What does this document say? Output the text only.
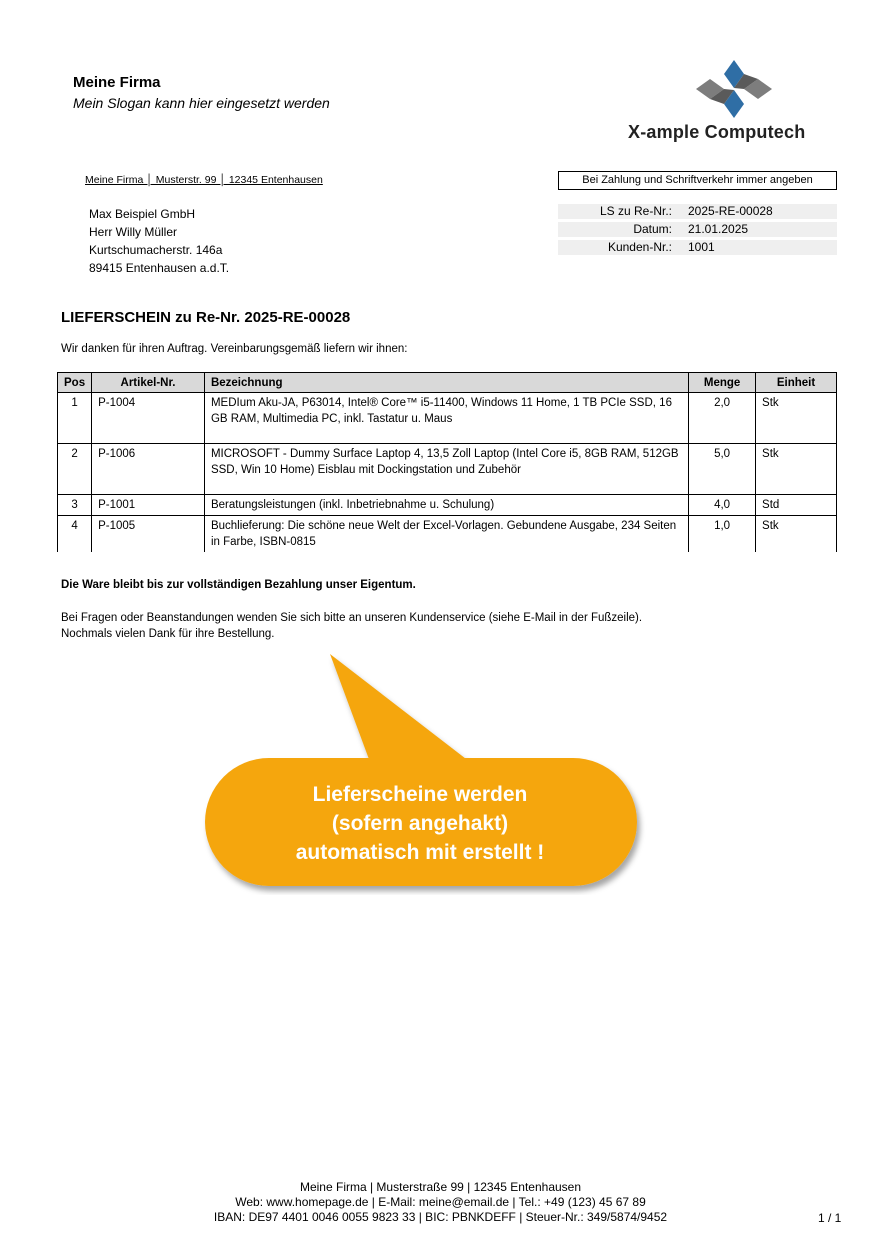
Meine Firma
Mein Slogan kann hier eingesetzt werden
X-ample Computech
Meine Firma │ Musterstr. 99 │ 12345 Entenhausen	Bei Zahlung und Schriftverkehr immer angeben
Max Beispiel GmbH
Herr Willy Müller
Kurtschumacherstr. 146a
89415 Entenhausen a.d.T.
LS zu Re-Nr.:	2025-RE-00028
Datum:	21.01.2025
Kunden-Nr.:	1001
LIEFERSCHEIN zu Re-Nr. 2025-RE-00028
Wir danken für ihren Auftrag. Vereinbarungsgemäß liefern wir ihnen:
Pos	Artikel-Nr.	Bezeichnung	Menge	Einheit
1	P-1004	MEDIum Aku-JA, P63014, Intel® Core™ i5-11400, Windows 11 Home, 1 TB PCIe SSD, 16 GB RAM, Multimedia PC, inkl. Tastatur u. Maus	2,0	Stk
2	P-1006	MICROSOFT - Dummy Surface Laptop 4, 13,5 Zoll Laptop (Intel Core i5, 8GB RAM, 512GB SSD, Win 10 Home) Eisblau mit Dockingstation und Zubehör	5,0	Stk
3	P-1001	Beratungsleistungen (inkl. Inbetriebnahme u. Schulung)	4,0	Std
4	P-1005	Buchlieferung: Die schöne neue Welt der Excel-Vorlagen. Gebundene Ausgabe, 234 Seiten in Farbe, ISBN-0815	1,0	Stk
Die Ware bleibt bis zur vollständigen Bezahlung unser Eigentum.
Bei Fragen oder Beanstandungen wenden Sie sich bitte an unseren Kundenservice (siehe E-Mail in der Fußzeile).
Nochmals vielen Dank für ihre Bestellung.
Lieferscheine werden
(sofern angehakt)
automatisch mit erstellt !
Meine Firma | Musterstraße 99 | 12345 Entenhausen
Web: www.homepage.de | E-Mail: meine@email.de | Tel.: +49 (123) 45 67 89
IBAN: DE97 4401 0046 0055 9823 33 | BIC: PBNKDEFF | Steuer-Nr.: 349/5874/9452	1 / 1
